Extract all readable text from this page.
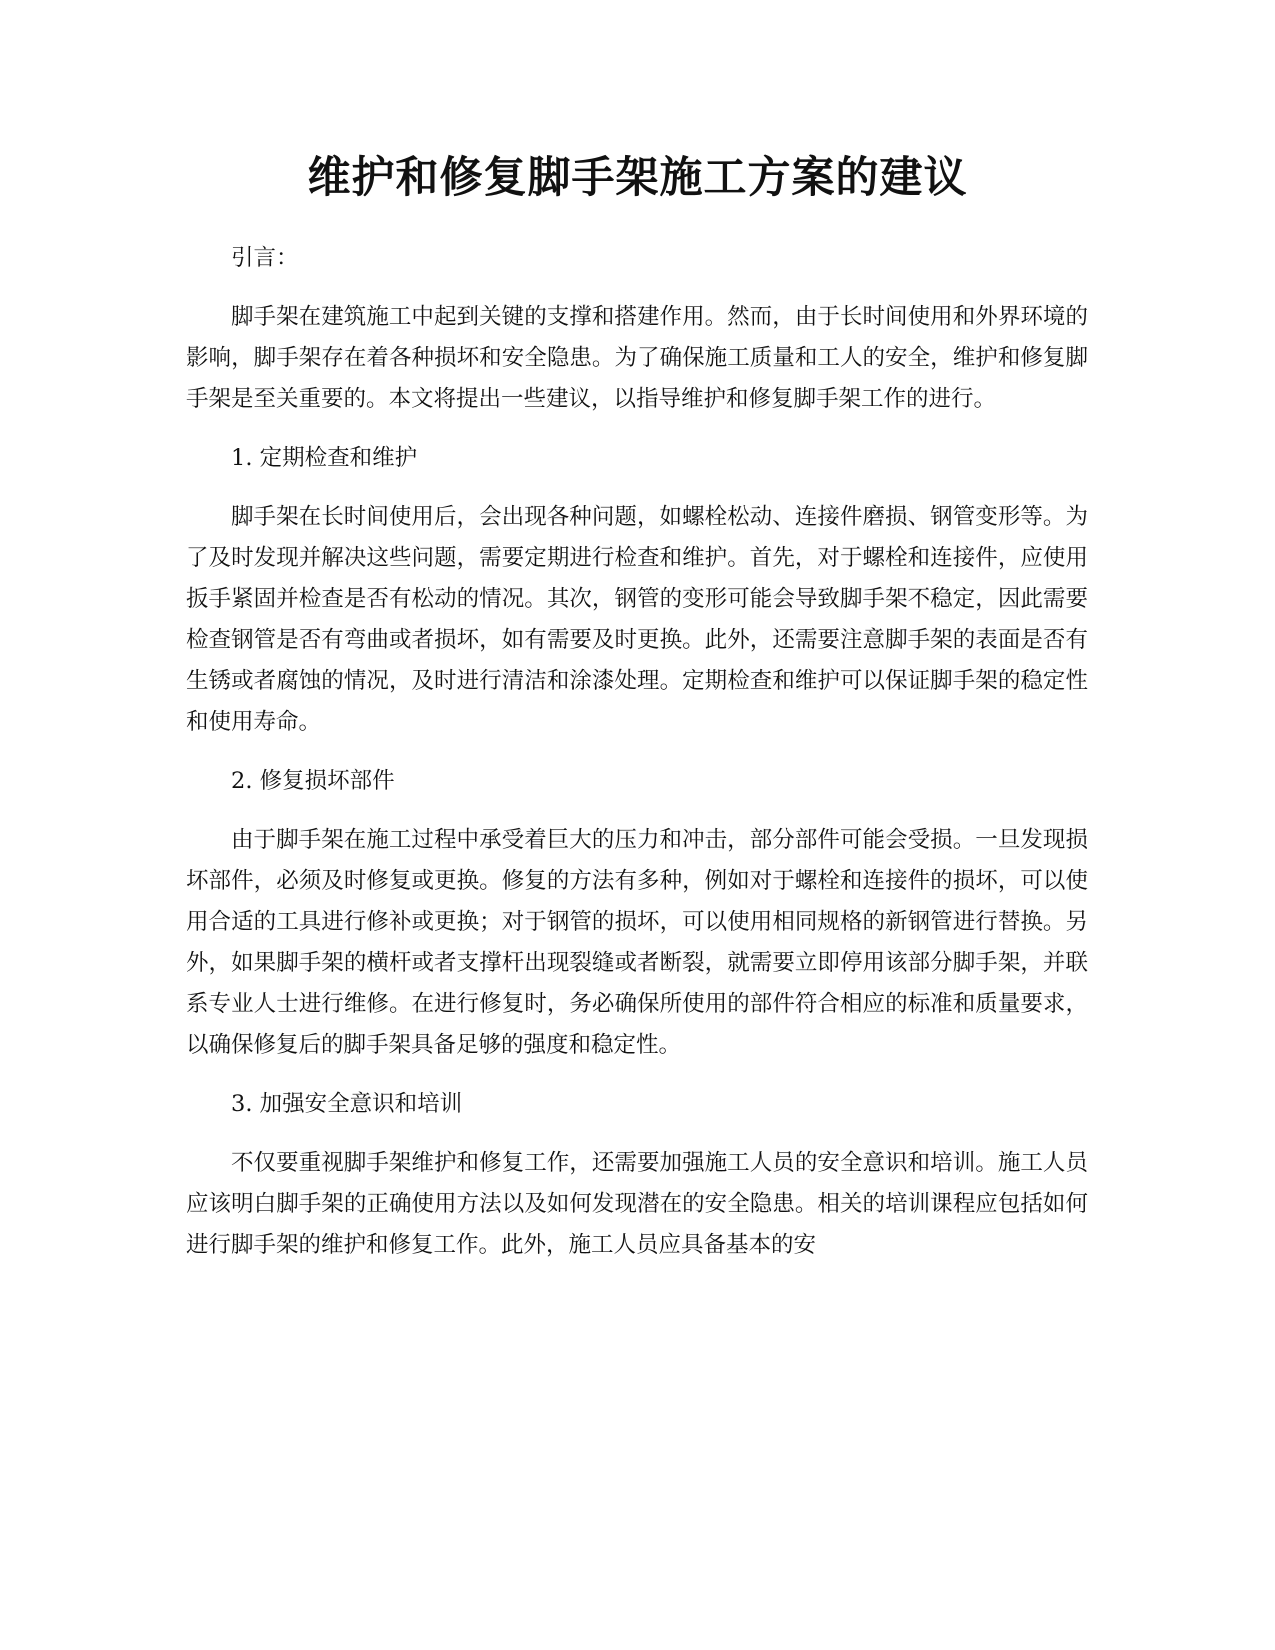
维护和修复脚手架施工方案的建议

引言：

脚手架在建筑施工中起到关键的支撑和搭建作用。然而，由于长时间使用和外界环境的影响，脚手架存在着各种损坏和安全隐患。为了确保施工质量和工人的安全，维护和修复脚手架是至关重要的。本文将提出一些建议，以指导维护和修复脚手架工作的进行。

1. 定期检查和维护

脚手架在长时间使用后，会出现各种问题，如螺栓松动、连接件磨损、钢管变形等。为了及时发现并解决这些问题，需要定期进行检查和维护。首先，对于螺栓和连接件，应使用扳手紧固并检查是否有松动的情况。其次，钢管的变形可能会导致脚手架不稳定，因此需要检查钢管是否有弯曲或者损坏，如有需要及时更换。此外，还需要注意脚手架的表面是否有生锈或者腐蚀的情况，及时进行清洁和涂漆处理。定期检查和维护可以保证脚手架的稳定性和使用寿命。

2. 修复损坏部件

由于脚手架在施工过程中承受着巨大的压力和冲击，部分部件可能会受损。一旦发现损坏部件，必须及时修复或更换。修复的方法有多种，例如对于螺栓和连接件的损坏，可以使用合适的工具进行修补或更换；对于钢管的损坏，可以使用相同规格的新钢管进行替换。另外，如果脚手架的横杆或者支撑杆出现裂缝或者断裂，就需要立即停用该部分脚手架，并联系专业人士进行维修。在进行修复时，务必确保所使用的部件符合相应的标准和质量要求，以确保修复后的脚手架具备足够的强度和稳定性。

3. 加强安全意识和培训

不仅要重视脚手架维护和修复工作，还需要加强施工人员的安全意识和培训。施工人员应该明白脚手架的正确使用方法以及如何发现潜在的安全隐患。相关的培训课程应包括如何进行脚手架的维护和修复工作。此外，施工人员应具备基本的安
